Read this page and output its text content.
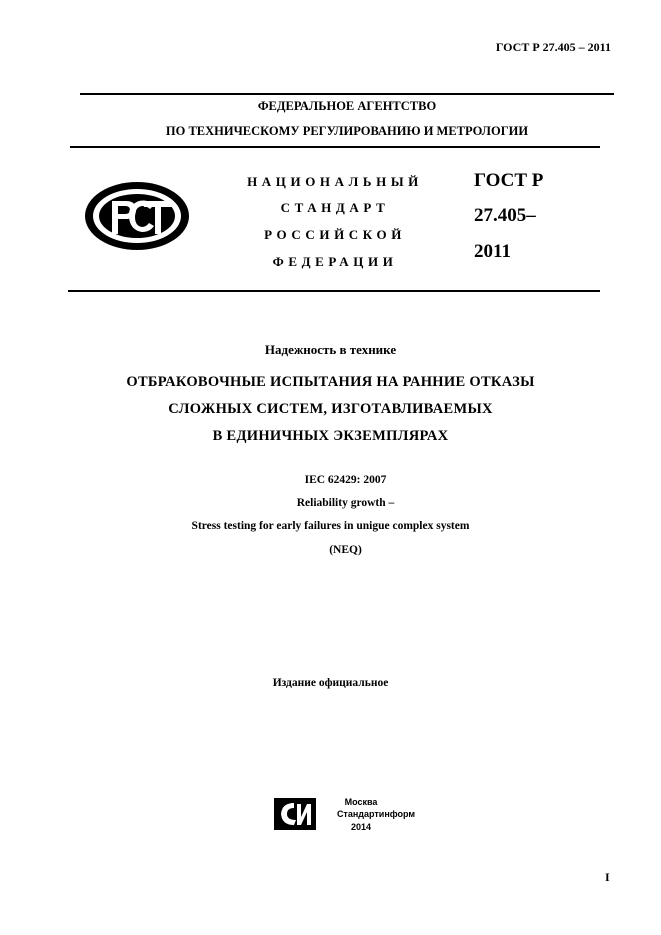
ГОСТ Р 27.405 – 2011
ФЕДЕРАЛЬНОЕ АГЕНТСТВО
ПО ТЕХНИЧЕСКОМУ РЕГУЛИРОВАНИЮ И МЕТРОЛОГИИ
НАЦИОНАЛЬНЫЙ
СТАНДАРТ
РОССИЙСКОЙ
ФЕДЕРАЦИИ
ГОСТ Р
27.405–
2011
Надежность в технике
ОТБРАКОВОЧНЫЕ ИСПЫТАНИЯ НА РАННИЕ ОТКАЗЫ
СЛОЖНЫХ СИСТЕМ, ИЗГОТАВЛИВАЕМЫХ
В ЕДИНИЧНЫХ ЭКЗЕМПЛЯРАХ
IEC 62429: 2007
Reliability growth –
Stress testing for early failures in unigue complex system
(NEQ)
Издание официальное
Москва
Стандартинформ
2014
I
